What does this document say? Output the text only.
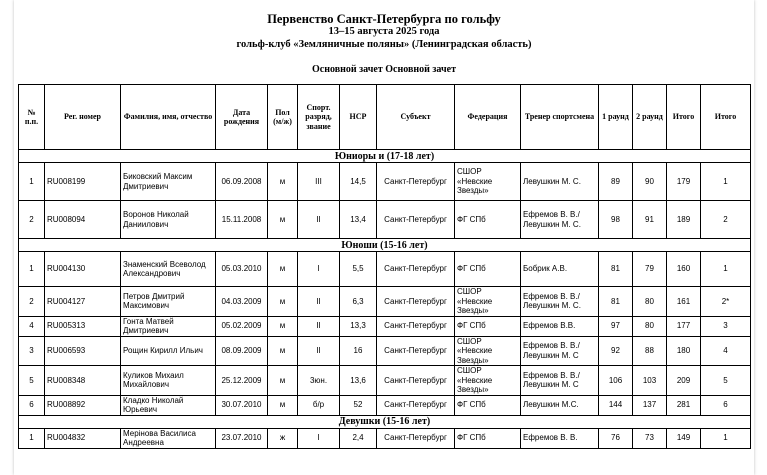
Первенство Санкт-Петербурга по гольфу
13–15 августа 2025 года
гольф-клуб «Земляничные поляны» (Ленинградская область)
Основной зачет Основной зачет
№ п.п.	Рег. номер	Фамилия, имя, отчество	Дата рождения	Пол (м/ж)	Спорт. разряд, звание	HCP	Субъект	Федерация	Тренер спортсмена	1 раунд	2 раунд	Итого	Итого
Юниоры и (17-18 лет)													
1	RU008199	Биковский Максим Дмитриевич	06.09.2008	м	III	14,5	Санкт-Петербург	СШОР «Невские Звезды»	Левушкин М. С.	89	90	179	1
2	RU008094	Воронов Николай Даниилович	15.11.2008	м	II	13,4	Санкт-Петербург	ФГ СПб	Ефремов В. В./Левушкин М. С.	98	91	189	2
Юноши (15-16 лет)													
1	RU004130	Знаменский Всеволод Александрович	05.03.2010	м	I	5,5	Санкт-Петербург	ФГ СПб	Бобрик А.В.	81	79	160	1
2	RU004127	Петров Дмитрий Максимович	04.03.2009	м	II	6,3	Санкт-Петербург	СШОР «Невские Звезды»	Ефремов В. В./Левушкин М. С.	81	80	161	2*
4	RU005313	Гонта Матвей Дмитриевич	05.02.2009	м	II	13,3	Санкт-Петербург	ФГ СПб	Ефремов В.В.	97	80	177	3
3	RU006593	Рощин Кирилл Ильич	08.09.2009	м	II	16	Санкт-Петербург	СШОР «Невские Звезды»	Ефремов В. В./Левушкин М. С	92	88	180	4
5	RU008348	Куликов Михаил Михайлович	25.12.2009	м	3юн.	13,6	Санкт-Петербург	СШОР «Невские Звезды»	Ефремов В. В./Левушкин М. С	106	103	209	5
6	RU008892	Кладко Николай Юрьевич	30.07.2010	м	б/р	52	Санкт-Петербург	ФГ СПб	Левушкин М.С.	144	137	281	6
Девушки (15-16 лет)													
1	RU004832	Мерінова Василиса Андреевна	23.07.2010	ж	I	2,4	Санкт-Петербург	ФГ СПб	Ефремов В. В.	76	73	149	1
